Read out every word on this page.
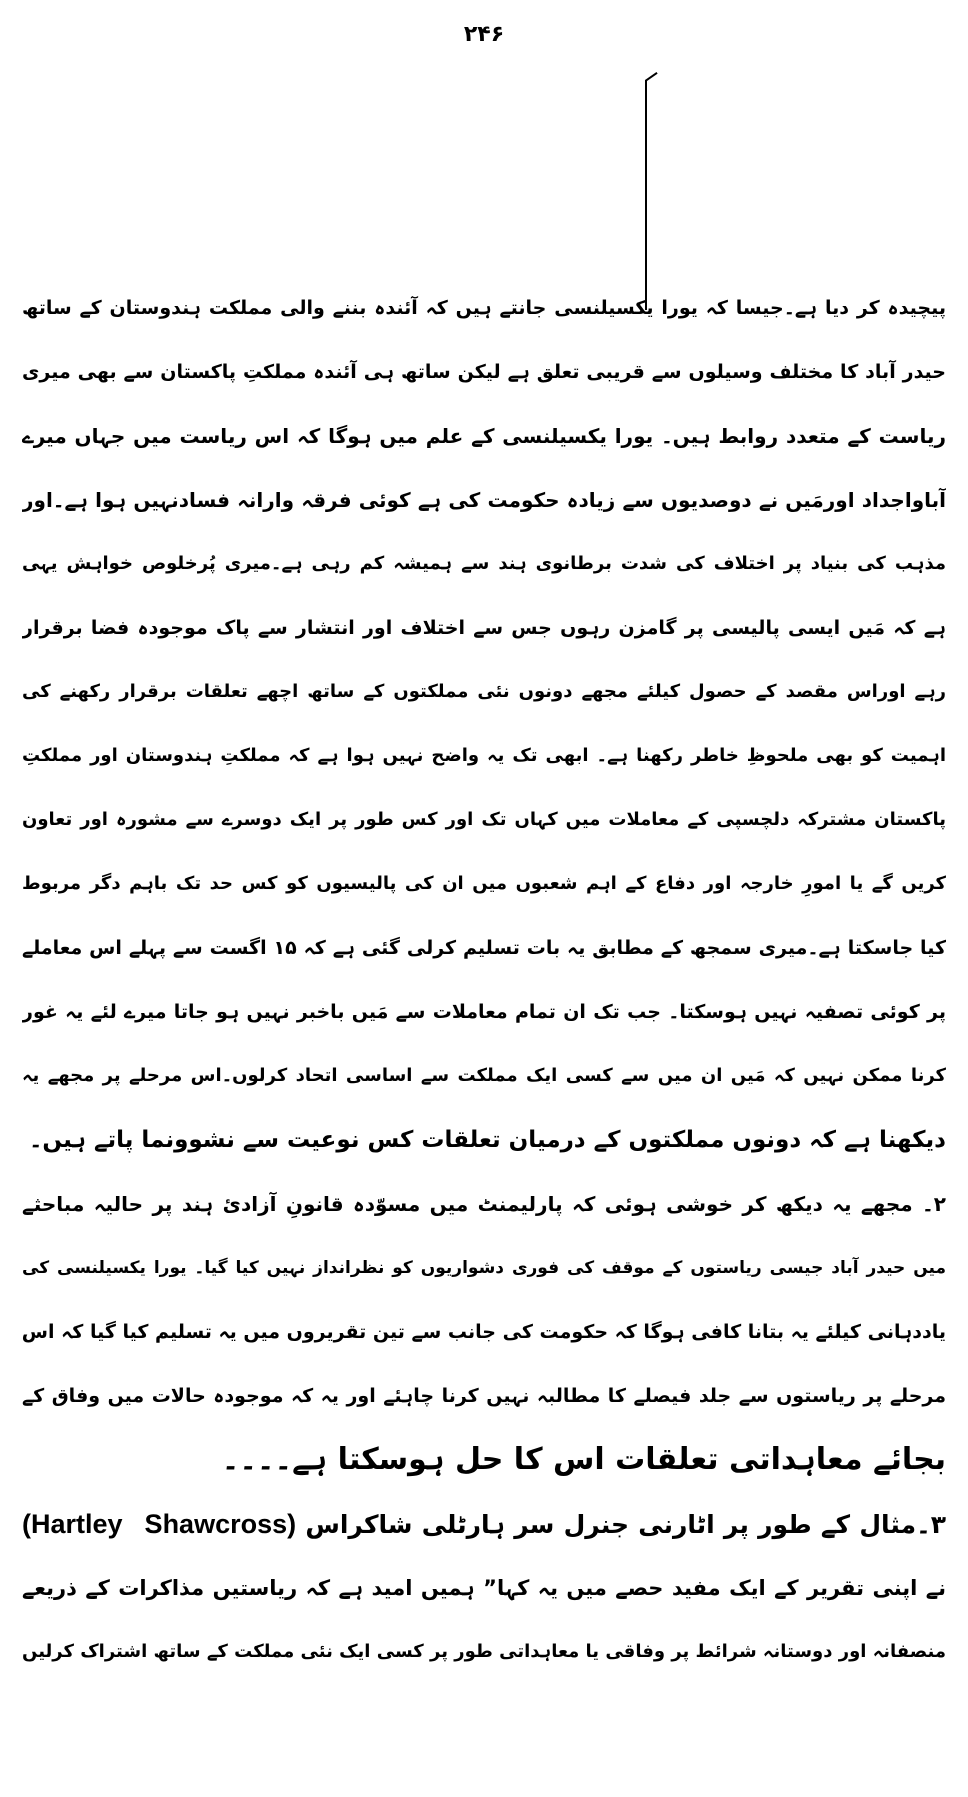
۲۴۶
پیچیدہ کر دیا ہے۔جیسا کہ یورا یکسیلنسی جانتے ہیں کہ آئندہ بننے والی مملکت ہندوستان کے ساتھ
حیدر آباد کا مختلف وسیلوں سے قریبی تعلق ہے لیکن ساتھ ہی آئندہ مملکتِ پاکستان سے بھی میری
ریاست کے متعدد روابط ہیں۔ یورا یکسیلنسی کے علم میں ہوگا کہ اس ریاست میں جہاں میرے
آباواجداد اورمَیں نے دوصدیوں سے زیادہ حکومت کی ہے کوئی فرقہ وارانہ فسادنہیں ہوا ہے۔اور
مذہب کی بنیاد پر اختلاف کی شدت برطانوی ہند سے ہمیشہ کم رہی ہے۔میری پُرخلوص خواہش یہی
ہے کہ مَیں ایسی پالیسی پر گامزن رہوں جس سے اختلاف اور انتشار سے پاک موجودہ فضا برقرار
رہے اوراس مقصد کے حصول کیلئے مجھے دونوں نئی مملکتوں کے ساتھ اچھے تعلقات برقرار رکھنے کی
اہمیت کو بھی ملحوظِ خاطر رکھنا ہے۔ ابھی تک یہ واضح نہیں ہوا ہے کہ مملکتِ ہندوستان اور مملکتِ
پاکستان مشترکہ دلچسپی کے معاملات میں کہاں تک اور کس طور پر ایک دوسرے سے مشورہ اور تعاون
کریں گے یا امورِ خارجہ اور دفاع کے اہم شعبوں میں ان کی پالیسیوں کو کس حد تک باہم دگر مربوط
کیا جاسکتا ہے۔میری سمجھ کے مطابق یہ بات تسلیم کرلی گئی ہے کہ ۱۵ اگست سے پہلے اس معاملے
پر کوئی تصفیہ نہیں ہوسکتا۔ جب تک ان تمام معاملات سے مَیں باخبر نہیں ہو جاتا میرے لئے یہ غور
کرنا ممکن نہیں کہ مَیں ان میں سے کسی ایک مملکت سے اساسی اتحاد کرلوں۔اس مرحلے پر مجھے یہ
دیکھنا ہے کہ دونوں مملکتوں کے درمیان تعلقات کس نوعیت سے نشوونما پاتے ہیں۔
۲۔ مجھے یہ دیکھ کر خوشی ہوئی کہ پارلیمنٹ میں مسوّدہ قانونِ آزادیٔ ہند پر حالیہ مباحثے
میں حیدر آباد جیسی ریاستوں کے موقف کی فوری دشواریوں کو نظرانداز نہیں کیا گیا۔ یورا یکسیلنسی کی
یاددہانی کیلئے یہ بتانا کافی ہوگا کہ حکومت کی جانب سے تین تقریروں میں یہ تسلیم کیا گیا کہ اس
مرحلے پر ریاستوں سے جلد فیصلے کا مطالبہ نہیں کرنا چاہئے اور یہ کہ موجودہ حالات میں وفاق کے
بجائے معاہداتی تعلقات اس کا حل ہوسکتا ہے۔۔۔۔
۳۔مثال کے طور پر اٹارنی جنرل سر ہارٹلی شاکراس (Hartley Shawcross)
نے اپنی تقریر کے ایک مفید حصے میں یہ کہا” ہمیں امید ہے کہ ریاستیں مذاکرات کے ذریعے
منصفانہ اور دوستانہ شرائط پر وفاقی یا معاہداتی طور پر کسی ایک نئی مملکت کے ساتھ اشتراک کرلیں
